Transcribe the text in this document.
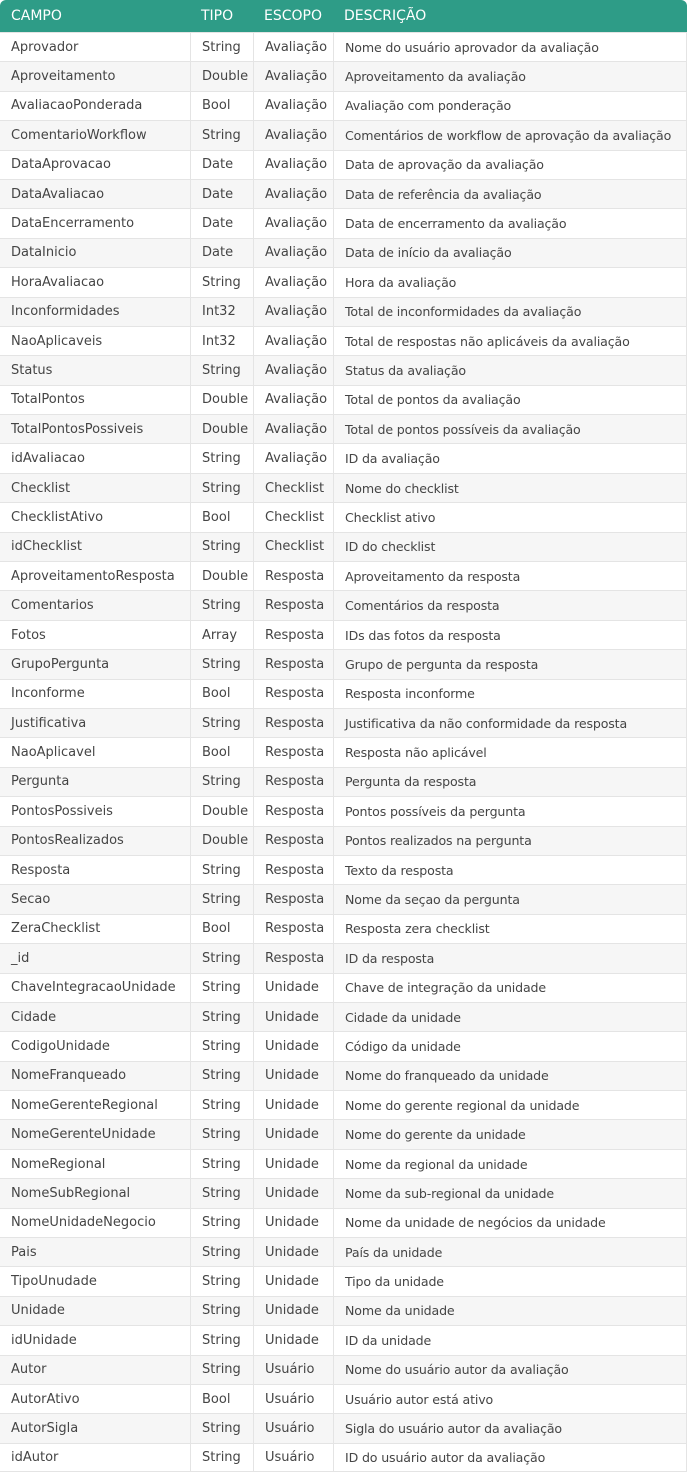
CAMPO	TIPO	ESCOPO	DESCRIÇÃO
Aprovador	String	Avaliação	Nome do usuário aprovador da avaliação
Aproveitamento	Double	Avaliação	Aproveitamento da avaliação
AvaliacaoPonderada	Bool	Avaliação	Avaliação com ponderação
ComentarioWorkflow	String	Avaliação	Comentários de workflow de aprovação da avaliação
DataAprovacao	Date	Avaliação	Data de aprovação da avaliação
DataAvaliacao	Date	Avaliação	Data de referência da avaliação
DataEncerramento	Date	Avaliação	Data de encerramento da avaliação
DataInicio	Date	Avaliação	Data de início da avaliação
HoraAvaliacao	String	Avaliação	Hora da avaliação
Inconformidades	Int32	Avaliação	Total de inconformidades da avaliação
NaoAplicaveis	Int32	Avaliação	Total de respostas não aplicáveis da avaliação
Status	String	Avaliação	Status da avaliação
TotalPontos	Double	Avaliação	Total de pontos da avaliação
TotalPontosPossiveis	Double	Avaliação	Total de pontos possíveis da avaliação
idAvaliacao	String	Avaliação	ID da avaliação
Checklist	String	Checklist	Nome do checklist
ChecklistAtivo	Bool	Checklist	Checklist ativo
idChecklist	String	Checklist	ID do checklist
AproveitamentoResposta	Double	Resposta	Aproveitamento da resposta
Comentarios	String	Resposta	Comentários da resposta
Fotos	Array	Resposta	IDs das fotos da resposta
GrupoPergunta	String	Resposta	Grupo de pergunta da resposta
Inconforme	Bool	Resposta	Resposta inconforme
Justificativa	String	Resposta	Justificativa da não conformidade da resposta
NaoAplicavel	Bool	Resposta	Resposta não aplicável
Pergunta	String	Resposta	Pergunta da resposta
PontosPossiveis	Double	Resposta	Pontos possíveis da pergunta
PontosRealizados	Double	Resposta	Pontos realizados na pergunta
Resposta	String	Resposta	Texto da resposta
Secao	String	Resposta	Nome da seçao da pergunta
ZeraChecklist	Bool	Resposta	Resposta zera checklist
_id	String	Resposta	ID da resposta
ChaveIntegracaoUnidade	String	Unidade	Chave de integração da unidade
Cidade	String	Unidade	Cidade da unidade
CodigoUnidade	String	Unidade	Código da unidade
NomeFranqueado	String	Unidade	Nome do franqueado da unidade
NomeGerenteRegional	String	Unidade	Nome do gerente regional da unidade
NomeGerenteUnidade	String	Unidade	Nome do gerente da unidade
NomeRegional	String	Unidade	Nome da regional da unidade
NomeSubRegional	String	Unidade	Nome da sub-regional da unidade
NomeUnidadeNegocio	String	Unidade	Nome da unidade de negócios da unidade
Pais	String	Unidade	País da unidade
TipoUnudade	String	Unidade	Tipo da unidade
Unidade	String	Unidade	Nome da unidade
idUnidade	String	Unidade	ID da unidade
Autor	String	Usuário	Nome do usuário autor da avaliação
AutorAtivo	Bool	Usuário	Usuário autor está ativo
AutorSigla	String	Usuário	Sigla do usuário autor da avaliação
idAutor	String	Usuário	ID do usuário autor da avaliação
